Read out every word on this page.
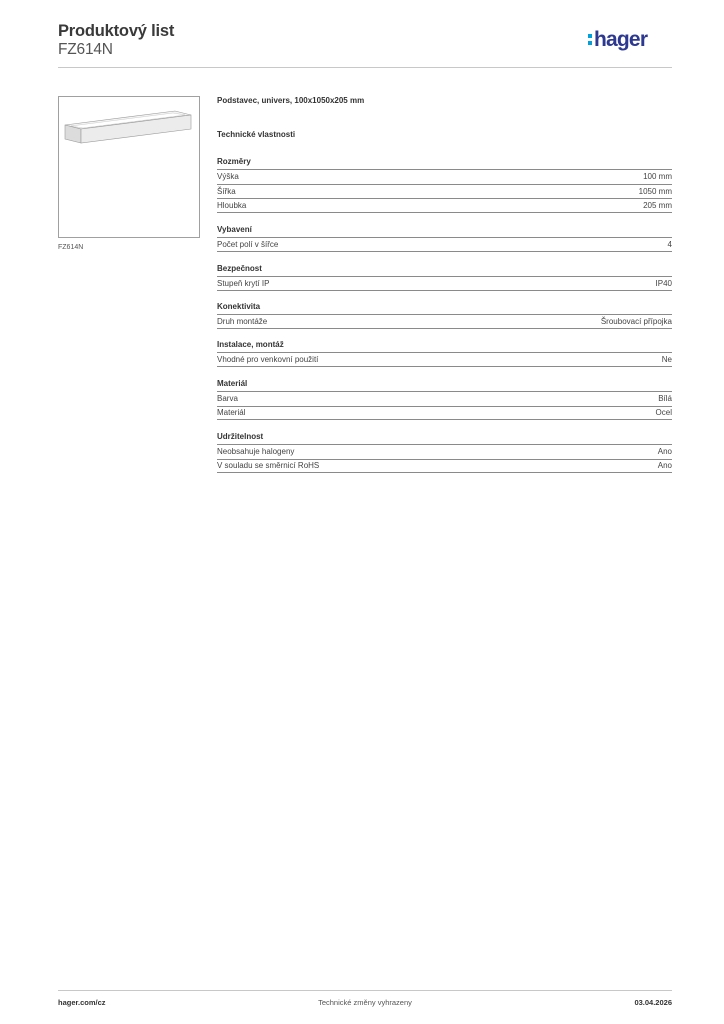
Produktový list
FZ614N	hager
FZ614N
Podstavec, univers, 100x1050x205 mm
Technické vlastnosti
Rozměry
Výška	100 mm
Šířka	1050 mm
Hloubka	205 mm
Vybavení
Počet polí v šířce	4
Bezpečnost
Stupeň krytí IP	IP40
Konektivita
Druh montáže	Šroubovací přípojka
Instalace, montáž
Vhodné pro venkovní použití	Ne
Materiál
Barva	Bílá
Materiál	Ocel
Udržitelnost
Neobsahuje halogeny	Ano
V souladu se směrnicí RoHS	Ano
hager.com/cz	Technické změny vyhrazeny	03.04.2026
